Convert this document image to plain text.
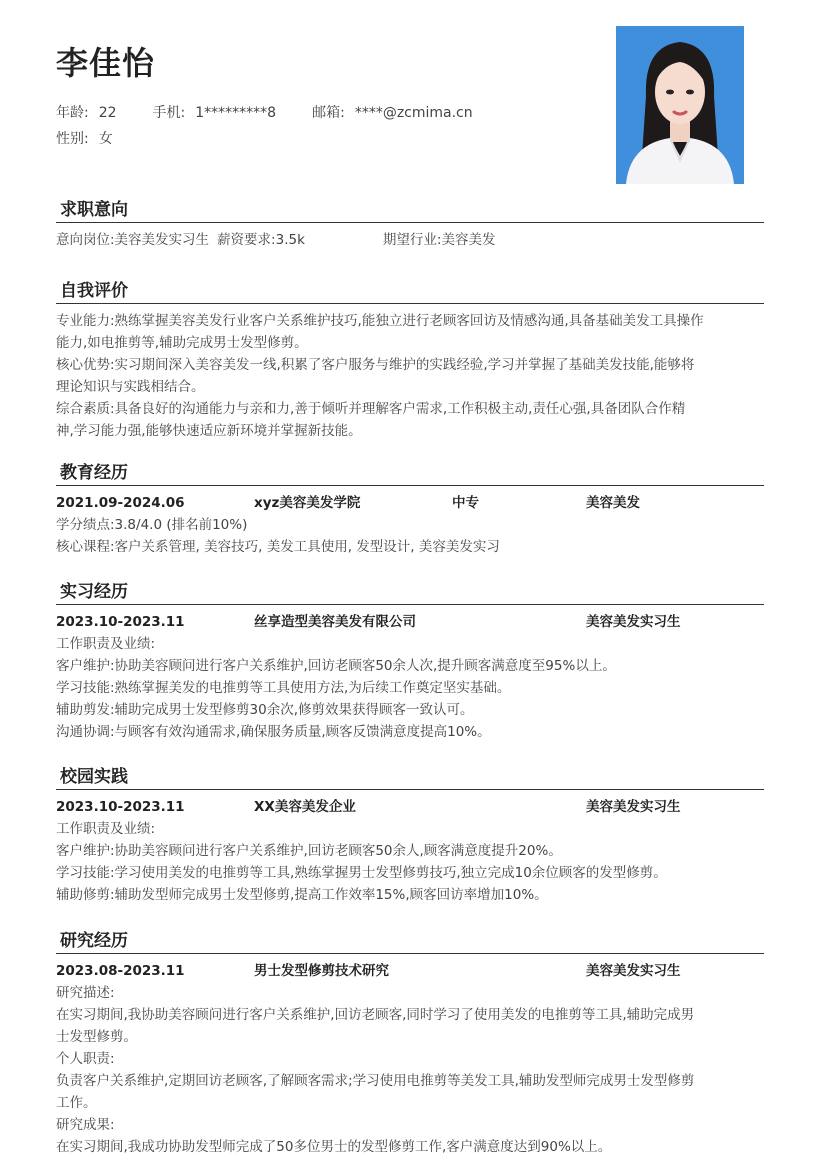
李佳怡
年龄: 22	手机: 1*********8	邮箱: ****@zcmima.cn
性别: 女
求职意向
意向岗位:美容美发实习生 薪资要求:3.5k	期望行业:美容美发
自我评价
专业能力:熟练掌握美容美发行业客户关系维护技巧,能独立进行老顾客回访及情感沟通,具备基础美发工具操作
能力,如电推剪等,辅助完成男士发型修剪。
核心优势:实习期间深入美容美发一线,积累了客户服务与维护的实践经验,学习并掌握了基础美发技能,能够将
理论知识与实践相结合。
综合素质:具备良好的沟通能力与亲和力,善于倾听并理解客户需求,工作积极主动,责任心强,具备团队合作精
神,学习能力强,能够快速适应新环境并掌握新技能。
教育经历
2021.09-2024.06	xyz美容美发学院	中专	美容美发
学分绩点:3.8/4.0 (排名前10%)
核心课程:客户关系管理, 美容技巧, 美发工具使用, 发型设计, 美容美发实习
实习经历
2023.10-2023.11	丝享造型美容美发有限公司	美容美发实习生
工作职责及业绩:
客户维护:协助美容顾问进行客户关系维护,回访老顾客50余人次,提升顾客满意度至95%以上。
学习技能:熟练掌握美发的电推剪等工具使用方法,为后续工作奠定坚实基础。
辅助剪发:辅助完成男士发型修剪30余次,修剪效果获得顾客一致认可。
沟通协调:与顾客有效沟通需求,确保服务质量,顾客反馈满意度提高10%。
校园实践
2023.10-2023.11	XX美容美发企业	美容美发实习生
工作职责及业绩:
客户维护:协助美容顾问进行客户关系维护,回访老顾客50余人,顾客满意度提升20%。
学习技能:学习使用美发的电推剪等工具,熟练掌握男士发型修剪技巧,独立完成10余位顾客的发型修剪。
辅助修剪:辅助发型师完成男士发型修剪,提高工作效率15%,顾客回访率增加10%。
研究经历
2023.08-2023.11	男士发型修剪技术研究	美容美发实习生
研究描述:
在实习期间,我协助美容顾问进行客户关系维护,回访老顾客,同时学习了使用美发的电推剪等工具,辅助完成男
士发型修剪。
个人职责:
负责客户关系维护,定期回访老顾客,了解顾客需求;学习使用电推剪等美发工具,辅助发型师完成男士发型修剪
工作。
研究成果:
在实习期间,我成功协助发型师完成了50多位男士的发型修剪工作,客户满意度达到90%以上。
